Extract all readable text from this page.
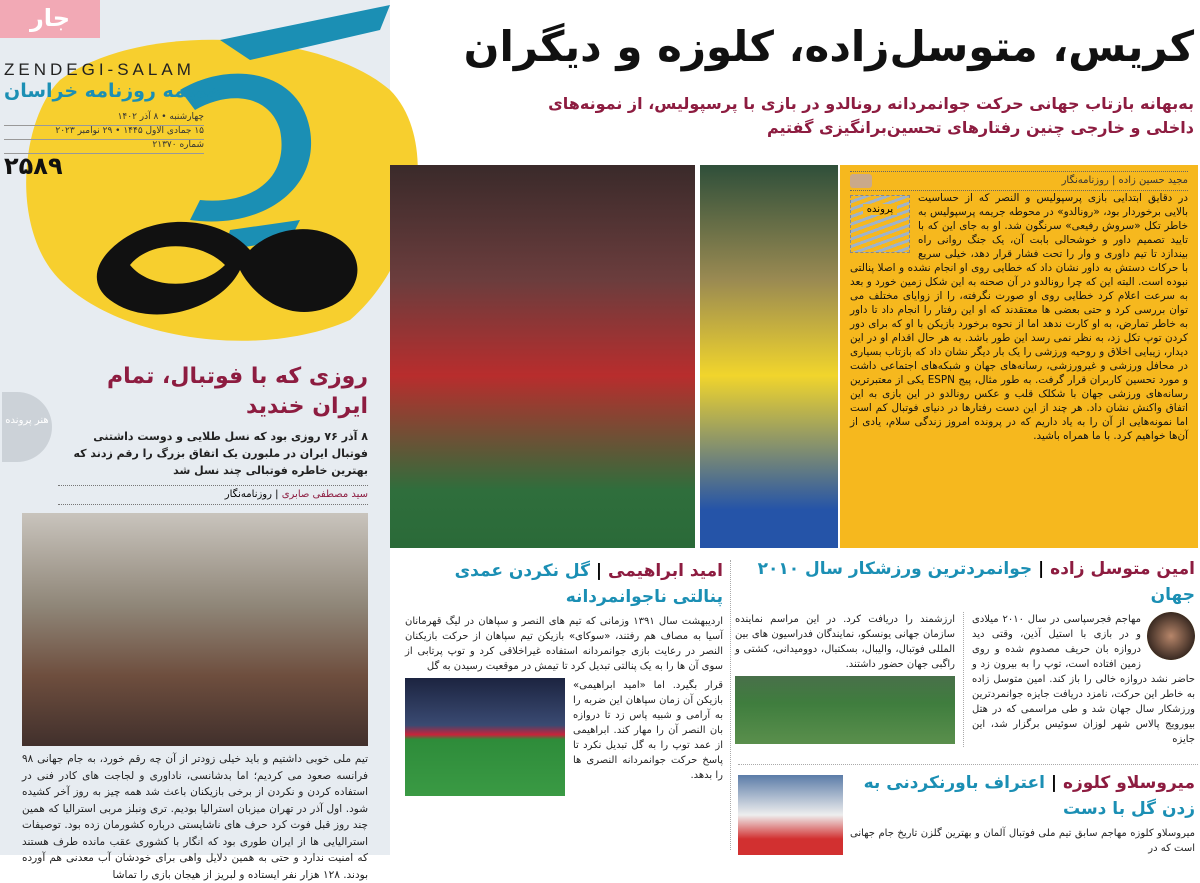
جار
ZENDEGI-SALAM
ضمیمه روزنامه خراسان
چهارشنبه • ۸ آذر ۱۴۰۲
۱۵ جمادی الاول ۱۴۴۵ • ۲۹ نوامبر ۲۰۲۳
شماره ۲۱۳۷۰
۲۵۸۹
کریس، متوسل‌زاده، کلوزه و دیگران
به‌بهانه بازتاب جهانی حرکت جوانمردانه رونالدو در بازی با پرسپولیس، از نمونه‌های داخلی و خارجی چنین رفتارهای تحسین‌برانگیزی گفتیم
مجید حسین زاده | روزنامه‌نگار
پرونده

در دقایق ابتدایی بازی پرسپولیس و النصر که از حساسیت بالایی برخوردار بود، «رونالدو» در محوطه جریمه پرسپولیس به خاطر تکل «سروش رفیعی» سرنگون شد. او به جای این که با تایید تصمیم داور و خوشحالی بابت آن، یک جنگ روانی راه بیندازد تا تیم داوری و وار را تحت فشار قرار دهد، خیلی سریع با حرکات دستش به داور نشان داد که خطایی روی او انجام نشده و اصلا پنالتی نبوده است. البته این که چرا رونالدو در آن صحنه به این شکل زمین خورد و بعد به سرعت اعلام کرد خطایی روی او صورت نگرفته، را از زوایای مختلف می توان بررسی کرد و حتی بعضی ها معتقدند که او این رفتار را انجام داد تا داور به خاطر تمارض، به او کارت ندهد اما از نحوه برخورد بازیکن با او که برای دور کردن توپ تکل زد، به نظر نمی رسد این طور باشد. به هر حال اقدام او در این دیدار، زیبایی اخلاق و روحیه ورزشی را یک بار دیگر نشان داد که بازتاب بسیاری در محافل ورزشی و غیرورزشی، رسانه‌های جهان و شبکه‌های اجتماعی داشت و مورد تحسین کاربران قرار گرفت. به طور مثال، پیج ESPN یکی از معتبرترین رسانه‌های ورزشی جهان با شکلک قلب و عکس رونالدو در این بازی به این اتفاق واکنش نشان داد. هر چند از این دست رفتارها در دنیای فوتبال کم است اما نمونه‌هایی از آن را به یاد داریم که در پرونده امروز زندگی سلام، یادی از آن‌ها خواهیم کرد. با ما همراه باشید.

هنر پرونده
روزی که با فوتبال، تمام ایران خندید
۸ آذر ۷۶ روزی بود که نسل طلایی و دوست داشتنی فوتبال ایران در ملبورن یک اتفاق بزرگ را رقم زدند که بهترین خاطره فوتبالی چند نسل شد
سید مصطفی صابری | روزنامه‌نگار
تیم ملی خوبی داشتیم و باید خیلی زودتر از آن چه رقم خورد، به جام جهانی ۹۸ فرانسه صعود می کردیم؛ اما بدشانسی، ناداوری و لجاجت های کادر فنی در استفاده کردن و نکردن از برخی بازیکنان باعث شد همه چیز به روز آخر کشیده شود. اول آذر در تهران میزبان استرالیا بودیم. تری ونبلز مربی استرالیا که همین چند روز قبل فوت کرد حرف های ناشایستی درباره کشورمان زده بود. توصیفات استرالیایی ها از ایران طوری بود که انگار با کشوری عقب مانده طرف هستند که امنیت ندارد و حتی به همین دلایل واهی برای خودشان آب معدنی هم آورده بودند. ۱۲۸ هزار نفر ایستاده و لبریز از هیجان بازی را تماشا
امین متوسل زاده | جوانمردترین ورزشکار سال ۲۰۱۰ جهان
مهاجم فجرسپاسی در سال ۲۰۱۰ میلادی و در بازی با استیل آذین، وقتی دید دروازه بان حریف مصدوم شده و روی زمین افتاده است، توپ را به بیرون زد و حاضر نشد دروازه خالی را باز کند. امین متوسل زاده به خاطر این حرکت، نامزد دریافت جایزه جوانمردترین ورزشکار سال جهان شد و طی مراسمی که در هتل بیورویج پالاس شهر لوزان سوئیس برگزار شد، این جایزه
ارزشمند را دریافت کرد. در این مراسم نماینده سازمان جهانی یونسکو، نمایندگان فدراسیون های بین المللی فوتبال، والیبال، بسکتبال، دوومیدانی، کشتی و راگبی جهان حضور داشتند.
امید ابراهیمی | گل نکردن عمدی پنالتی ناجوانمردانه
اردیبهشت سال ۱۳۹۱ وزمانی که تیم های النصر و سپاهان در لیگ قهرمانان آسیا به مصاف هم رفتند، «سوکای» بازیکن تیم سپاهان از حرکت بازیکنان النصر در رعایت بازی جوانمردانه استفاده غیراخلاقی کرد و توپ پرتابی از سوی آن ها را به یک پنالتی تبدیل کرد تا تیمش در موقعیت رسیدن به گل
قرار بگیرد. اما «امید ابراهیمی» بازیکن آن زمان سپاهان این ضربه را به آرامی و شبیه پاس زد تا دروازه بان النصر آن را مهار کند. ابراهیمی از عمد توپ را به گل تبدیل نکرد تا پاسخ حرکت جوانمردانه النصری ها را بدهد.	میروسلاو کلوزه | اعتراف باورنکردنی به زدن گل با دست
میروسلاو کلوزه مهاجم سابق تیم ملی فوتبال آلمان و بهترین گلزن تاریخ جام جهانی است که در
